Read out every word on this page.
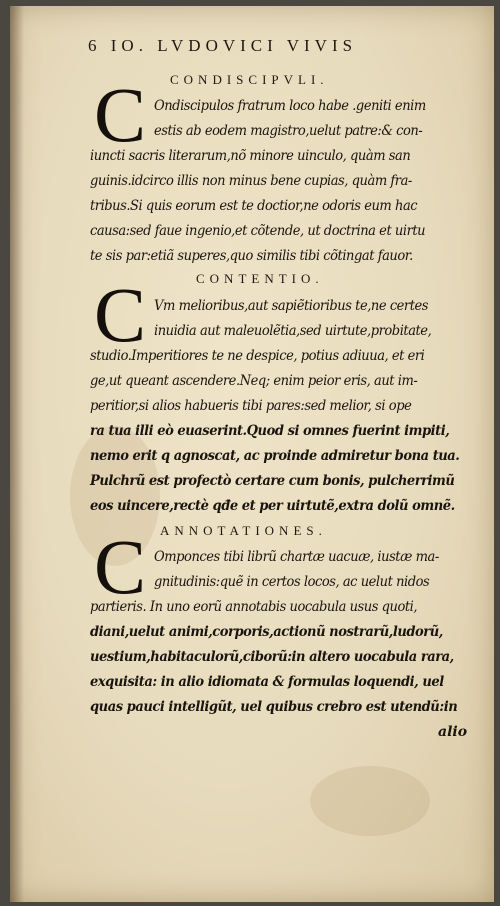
6 IO. LVDOVICI VIVIS
CONDISCIPVLI.
C Ondiscipulos fratrum loco habe .geniti enim
estis ab eodem magistro,uelut patre:& con-
iuncti sacris literarum,nõ minore uinculo, quàm san
guinis.idcirco illis non minus bene cupias, quàm fra-
tribus.Si quis eorum est te doctior,ne odoris eum hac
causa:sed faue ingenio,et cõtende, ut doctrina et uirtu
te sis par:etiã superes,quo similis tibi cõtingat fauor.
CONTENTIO.
C Vm melioribus,aut sapiẽtioribus te,ne certes
inuidia aut maleuolẽtia,sed uirtute,probitate,
studio.Imperitiores te ne despice, potius adiuua, et eri
ge,ut queant ascendere.Neq; enim peior eris, aut im-
peritior,si alios habueris tibi pares:sed melior, si ope
ra tua illi eò euaserint.Quod si omnes fuerint impiti,
nemo erit q agnoscat, ac proinde admiretur bona tua.
Pulchrũ est profectò certare cum bonis, pulcherrimũ
eos uincere,rectè qđe et per uirtutẽ,extra dolũ omnẽ.
ANNOTATIONES.
C Omponces tibi librũ chartæ uacuæ, iustæ ma-
gnitudinis:quẽ in certos locos, ac uelut nidos
partieris. In uno eorũ annotabis uocabula usus quoti,
diani,uelut animi,corporis,actionũ nostrarũ,ludorũ,
uestium,habitaculorũ,ciborũ:in altero uocabula rara,
exquisita: in alio idiomata & formulas loquendi, uel
quas pauci intelligũt, uel quibus crebro est utendũ:in
alio
